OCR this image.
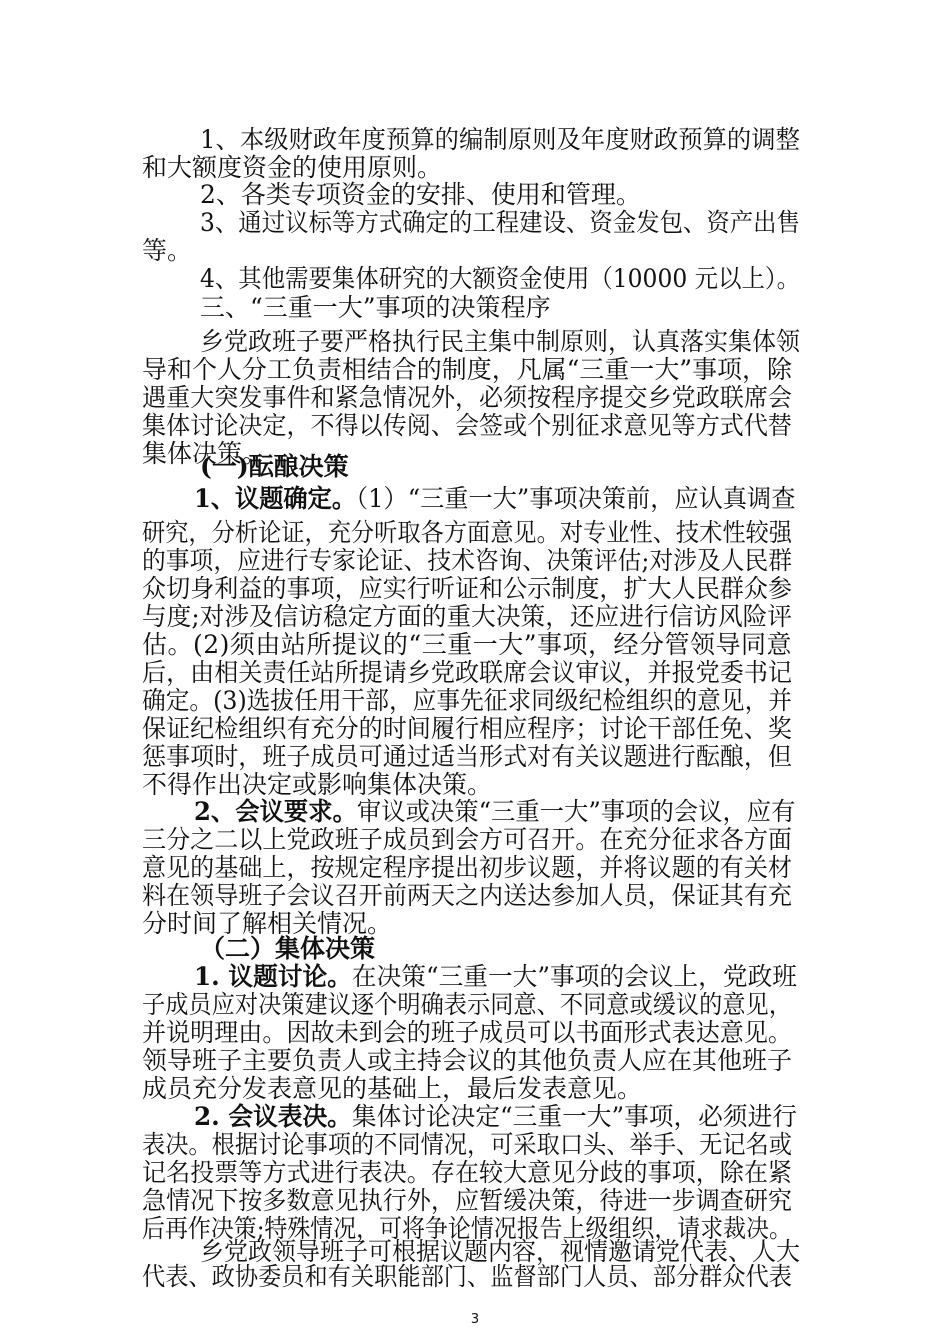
1、本级财政年度预算的编制原则及年度财政预算的调整
和大额度资金的使用原则。
2、各类专项资金的安排、使用和管理。
3、通过议标等方式确定的工程建设、资金发包、资产出售
等。
4、其他需要集体研究的大额资金使用（10000 元以上）。
三、“三重一大”事项的决策程序
乡党政班子要严格执行民主集中制原则，认真落实集体领
导和个人分工负责相结合的制度，凡属“三重一大”事项，除
遇重大突发事件和紧急情况外，必须按程序提交乡党政联席会
集体讨论决定，不得以传阅、会签或个别征求意见等方式代替
集体决策。
(一)酝酿决策
1、议题确定。（1）“三重一大”事项决策前，应认真调查
研究，分析论证，充分听取各方面意见。对专业性、技术性较强
的事项，应进行专家论证、技术咨询、决策评估;对涉及人民群
众切身利益的事项，应实行听证和公示制度，扩大人民群众参
与度;对涉及信访稳定方面的重大决策，还应进行信访风险评
估。(2)须由站所提议的“三重一大”事项，经分管领导同意
后，由相关责任站所提请乡党政联席会议审议，并报党委书记
确定。(3)选拔任用干部，应事先征求同级纪检组织的意见，并
保证纪检组织有充分的时间履行相应程序；讨论干部任免、奖
惩事项时，班子成员可通过适当形式对有关议题进行酝酿，但
不得作出决定或影响集体决策。
2、会议要求。审议或决策“三重一大”事项的会议，应有
三分之二以上党政班子成员到会方可召开。在充分征求各方面
意见的基础上，按规定程序提出初步议题，并将议题的有关材
料在领导班子会议召开前两天之内送达参加人员，保证其有充
分时间了解相关情况。
（二）集体决策
1. 议题讨论。在决策“三重一大”事项的会议上，党政班
子成员应对决策建议逐个明确表示同意、不同意或缓议的意见，
并说明理由。因故未到会的班子成员可以书面形式表达意见。
领导班子主要负责人或主持会议的其他负责人应在其他班子
成员充分发表意见的基础上，最后发表意见。
2. 会议表决。集体讨论决定“三重一大”事项，必须进行
表决。根据讨论事项的不同情况，可采取口头、举手、无记名或
记名投票等方式进行表决。存在较大意见分歧的事项，除在紧
急情况下按多数意见执行外，应暂缓决策，待进一步调查研究
后再作决策;特殊情况，可将争论情况报告上级组织，请求裁决。
乡党政领导班子可根据议题内容，视情邀请党代表、人大
代表、政协委员和有关职能部门、监督部门人员、部分群众代表
3
